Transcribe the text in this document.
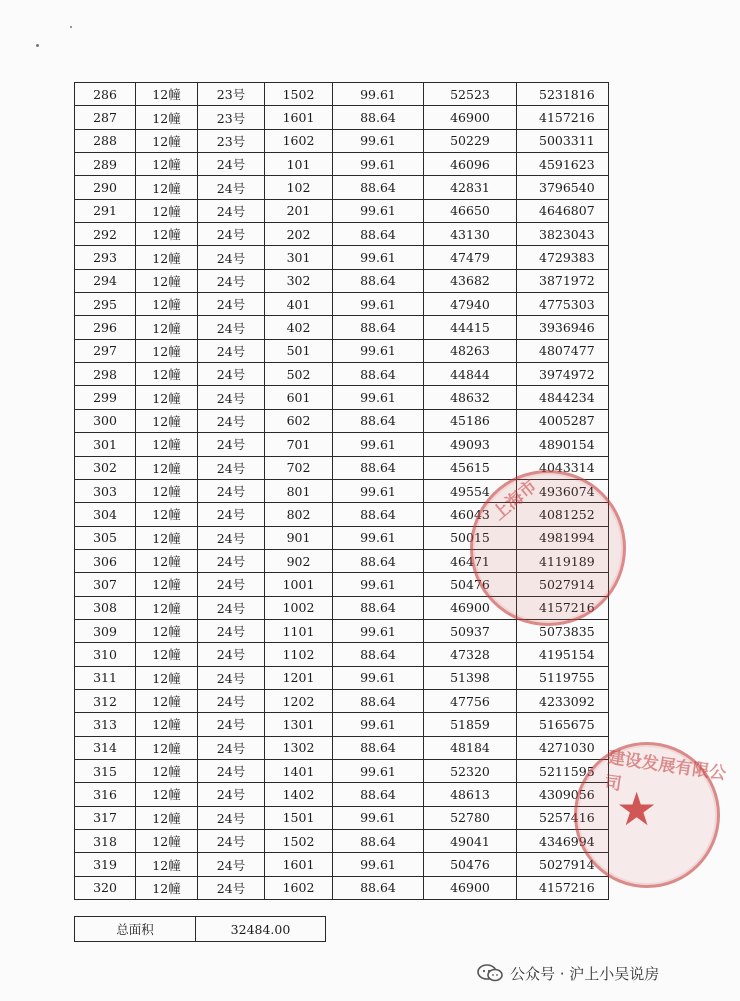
286	12幢	23号	1502	99.61	52523	5231816
287	12幢	23号	1601	88.64	46900	4157216
288	12幢	23号	1602	99.61	50229	5003311
289	12幢	24号	101	99.61	46096	4591623
290	12幢	24号	102	88.64	42831	3796540
291	12幢	24号	201	99.61	46650	4646807
292	12幢	24号	202	88.64	43130	3823043
293	12幢	24号	301	99.61	47479	4729383
294	12幢	24号	302	88.64	43682	3871972
295	12幢	24号	401	99.61	47940	4775303
296	12幢	24号	402	88.64	44415	3936946
297	12幢	24号	501	99.61	48263	4807477
298	12幢	24号	502	88.64	44844	3974972
299	12幢	24号	601	99.61	48632	4844234
300	12幢	24号	602	88.64	45186	4005287
301	12幢	24号	701	99.61	49093	4890154
302	12幢	24号	702	88.64	45615	4043314
303	12幢	24号	801	99.61	49554	4936074
304	12幢	24号	802	88.64	46043	4081252
305	12幢	24号	901	99.61	50015	4981994
306	12幢	24号	902	88.64	46471	4119189
307	12幢	24号	1001	99.61	50476	5027914
308	12幢	24号	1002	88.64	46900	4157216
309	12幢	24号	1101	99.61	50937	5073835
310	12幢	24号	1102	88.64	47328	4195154
311	12幢	24号	1201	99.61	51398	5119755
312	12幢	24号	1202	88.64	47756	4233092
313	12幢	24号	1301	99.61	51859	5165675
314	12幢	24号	1302	88.64	48184	4271030
315	12幢	24号	1401	99.61	52320	5211595
316	12幢	24号	1402	88.64	48613	4309056
317	12幢	24号	1501	99.61	52780	5257416
318	12幢	24号	1502	88.64	49041	4346994
319	12幢	24号	1601	99.61	50476	5027914
320	12幢	24号	1602	88.64	46900	4157216
总面积	32484.00
上海市
★
建设发展有限公司
公众号 · 沪上小吴说房
